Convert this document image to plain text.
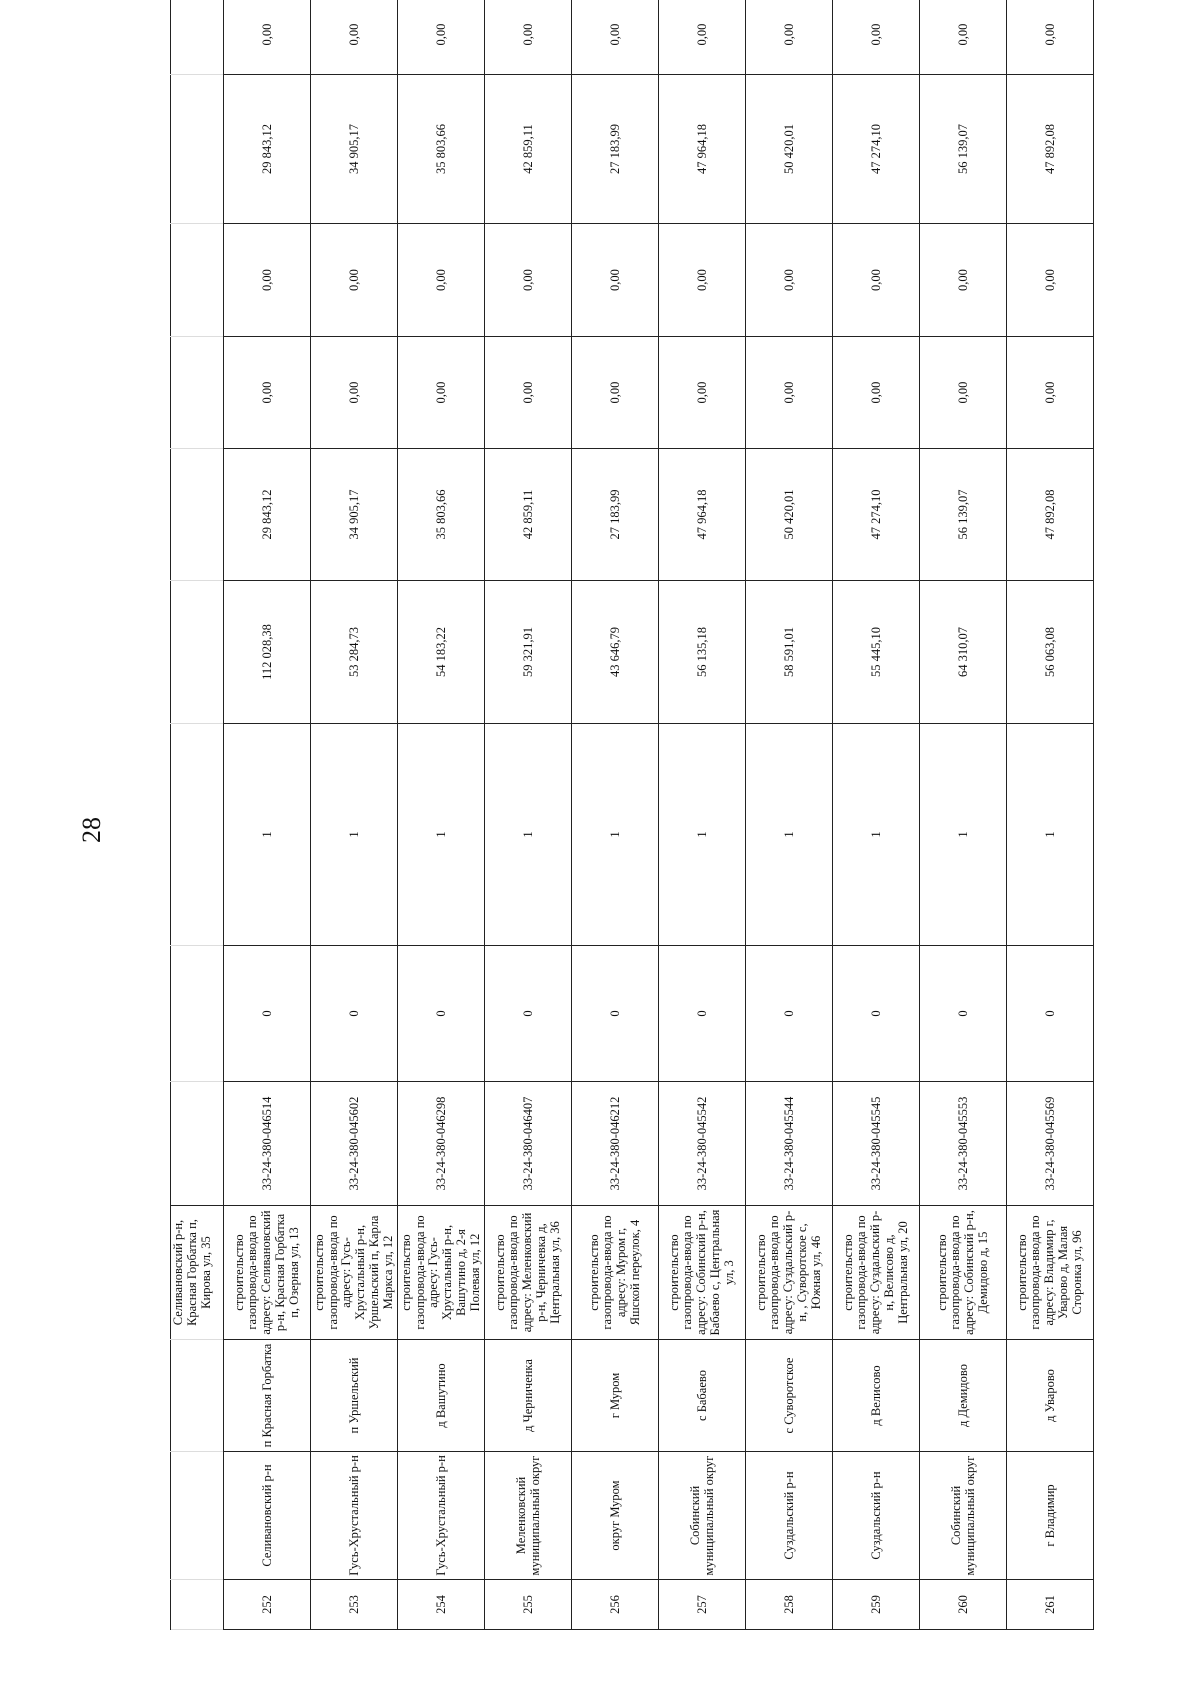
28
			Селивановский р-н, Красная Горбатка п, Кирова ул, 35									
252	Селивановский р-н	п Красная Горбатка	строительство газопровода-ввода по адресу: Селивановский р-н, Красная Горбатка п, Озерная ул, 13	33-24-380-046514	0	1	112 028,38	29 843,12	0,00	0,00	29 843,12	0,00
253	Гусь-Хрустальный р-н	п Уршельский	строительство газопровода-ввода по адресу: Гусь-Хрустальный р-н, Уршельский п, Карла Маркса ул, 12	33-24-380-045602	0	1	53 284,73	34 905,17	0,00	0,00	34 905,17	0,00
254	Гусь-Хрустальный р-н	д Вашутино	строительство газопровода-ввода по адресу: Гусь-Хрустальный р-н, Вашутино д, 2-я Полевая ул, 12	33-24-380-046298	0	1	54 183,22	35 803,66	0,00	0,00	35 803,66	0,00
255	Меленковский муниципальный округ	д Черниченка	строительство газопровода-ввода по адресу: Меленковский р-н, Черничевка д, Центральная ул, 36	33-24-380-046407	0	1	59 321,91	42 859,11	0,00	0,00	42 859,11	0,00
256	округ Муром	г Муром	строительство газопровода-ввода по адресу: Муром г, Яшской переулок, 4	33-24-380-046212	0	1	43 646,79	27 183,99	0,00	0,00	27 183,99	0,00
257	Собинский муниципальный округ	с Бабаево	строительство газопровода-ввода по адресу: Собинский р-н, Бабаево с, Центральная ул, 3	33-24-380-045542	0	1	56 135,18	47 964,18	0,00	0,00	47 964,18	0,00
258	Суздальский р-н	с Суворотское	строительство газопровода-ввода по адресу: Суздальский р-н, , Суворотское с, Южная ул, 46	33-24-380-045544	0	1	58 591,01	50 420,01	0,00	0,00	50 420,01	0,00
259	Суздальский р-н	д Велисово	строительство газопровода-ввода по адресу: Суздальский р-н, Велисово д, Центральная ул, 20	33-24-380-045545	0	1	55 445,10	47 274,10	0,00	0,00	47 274,10	0,00
260	Собинский муниципальный округ	д Демидово	строительство газопровода-ввода по адресу: Собинский р-н, Демидово д, 15	33-24-380-045553	0	1	64 310,07	56 139,07	0,00	0,00	56 139,07	0,00
261	г Владимир	д Уварово	строительство газопровода-ввода по адресу: Владимир г, Уварово д, Малая Сторонка ул, 96	33-24-380-045569	0	1	56 063,08	47 892,08	0,00	0,00	47 892,08	0,00
